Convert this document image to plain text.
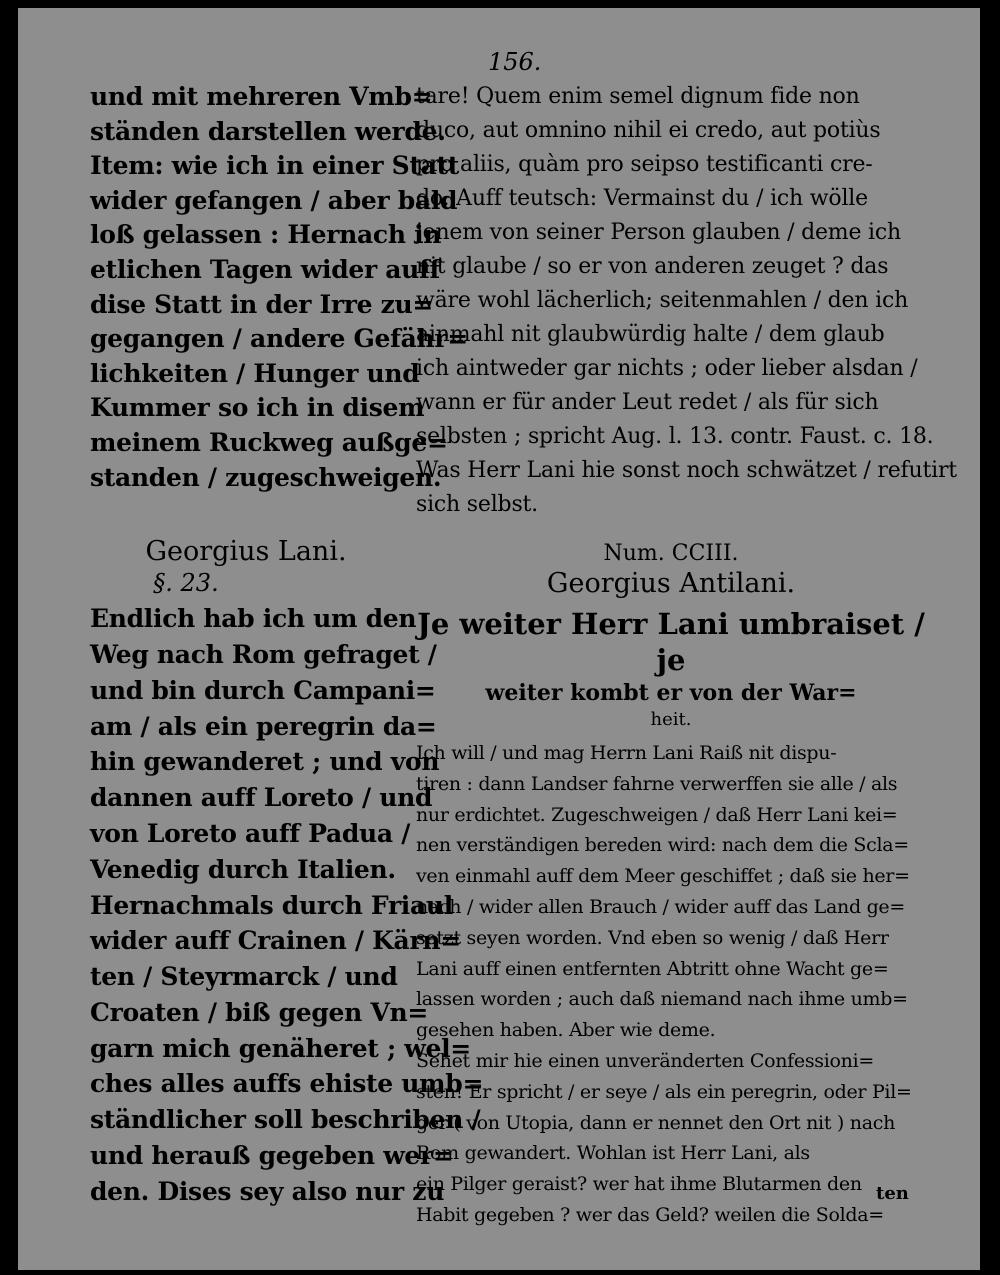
156.
und mit mehreren Vmb=
ständen darstellen werde.
Item: wie ich in einer Statt
wider gefangen / aber bald
loß gelassen : Hernach in
etlichen Tagen wider auff
dise Statt in der Irre zu=
gegangen / andere Gefähr=
lichkeiten / Hunger und
Kummer so ich in disem
meinem Ruckweg außge=
standen / zugeschweigen.
Georgius Lani.
§. 23.
Endlich hab ich um den
Weg nach Rom gefraget /
und bin durch Campani=
am / als ein peregrin da=
hin gewanderet ; und von
dannen auff Loreto / und
von Loreto auff Padua /
Venedig durch Italien.
Hernachmals durch Friaul
wider auff Crainen / Kärn=
ten / Steyrmarck / und
Croaten / biß gegen Vn=
garn mich genäheret ; wel=
ches alles auffs ehiste umb=
ständlicher soll beschriben /
und herauß gegeben wer=
den. Dises sey also nur zu
tare! Quem enim semel dignum fide non
duco, aut omnino nihil ei credo, aut potiùs
pro aliis, quàm pro seipso testificanti cre-
do. Auff teutsch: Vermainst du / ich wölle
jenem von seiner Person glauben / deme ich
nit glaube / so er von anderen zeuget ? das
wäre wohl lächerlich; seitenmahlen / den ich
ainmahl nit glaubwürdig halte / dem glaub
ich aintweder gar nichts ; oder lieber alsdan /
wann er für ander Leut redet / als für sich
selbsten ; spricht Aug. l. 13. contr. Faust. c. 18.
Was Herr Lani hie sonst noch schwätzet / refutirt
sich selbst.
Num. CCIII.
Georgius Antilani.
Je weiter Herr Lani umbraiset / je
weiter kombt er von der War=
heit.
Ich will / und mag Herrn Lani Raiß nit dispu-
tiren : dann Landser fahrne verwerffen sie alle / als
nur erdichtet. Zugeschweigen / daß Herr Lani kei=
nen verständigen bereden wird: nach dem die Scla=
ven einmahl auff dem Meer geschiffet ; daß sie her=
nach / wider allen Brauch / wider auff das Land ge=
setzt seyen worden. Vnd eben so wenig / daß Herr
Lani auff einen entfernten Abtritt ohne Wacht ge=
lassen worden ; auch daß niemand nach ihme umb=
gesehen haben. Aber wie deme.
Sehet mir hie einen unveränderten Confessioni=
sten! Er spricht / er seye / als ein peregrin, oder Pil=
ger ( von Utopia, dann er nennet den Ort nit ) nach
Rom gewandert. Wohlan ist Herr Lani, als
ein Pilger geraist? wer hat ihme Blutarmen den
Habit gegeben ? wer das Geld? weilen die Solda=
ten
